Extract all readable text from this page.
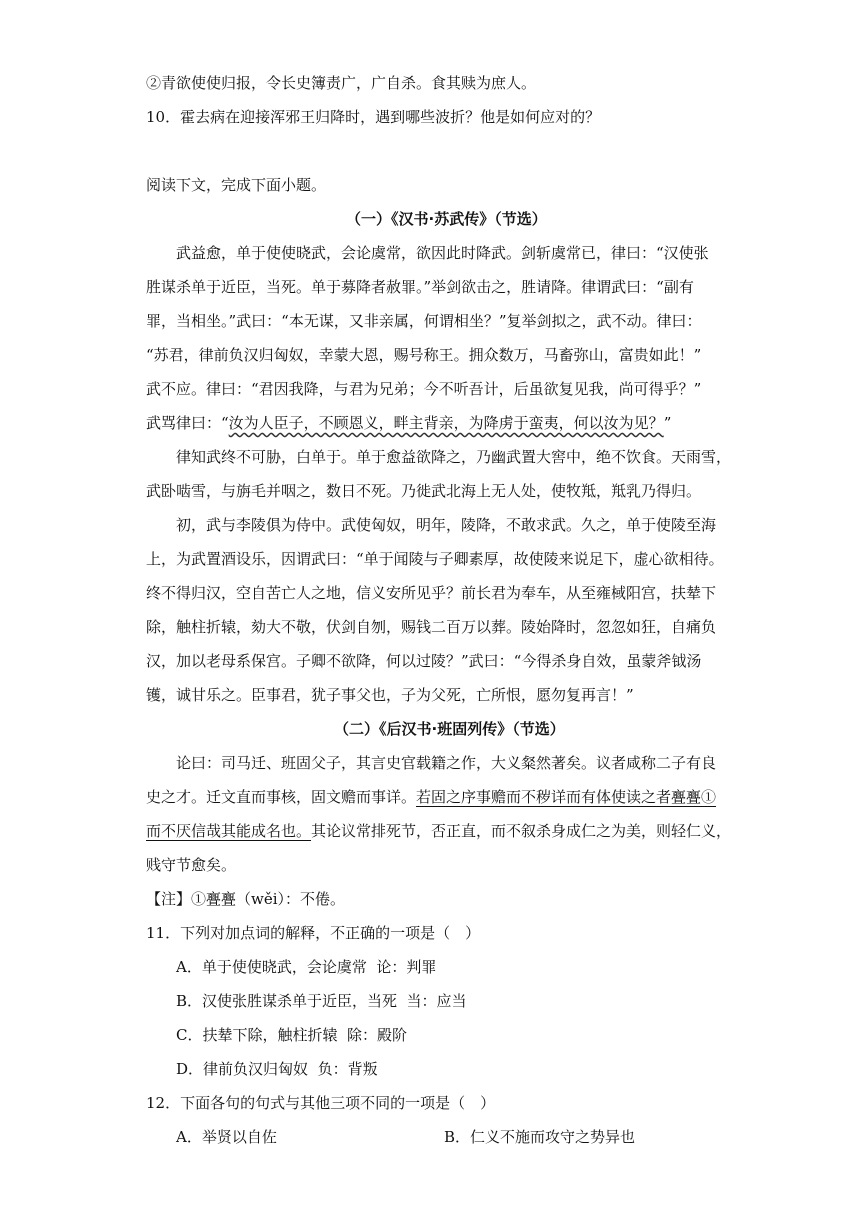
②青欲使使归报，令长史簿责广，广自杀。食其赎为庶人。
10．霍去病在迎接浑邪王归降时，遇到哪些波折？他是如何应对的？
阅读下文，完成下面小题。
（一）《汉书·苏武传》（节选）
武益愈，单于使使晓武，会论虞常，欲因此时降武。剑斩虞常已，律曰：“汉使张
胜谋杀单于近臣，当死。单于募降者赦罪。”举剑欲击之，胜请降。律谓武曰：“副有
罪，当相坐。”武曰：“本无谋，又非亲属，何谓相坐？”复举剑拟之，武不动。律曰：
“苏君，律前负汉归匈奴，幸蒙大恩，赐号称王。拥众数万，马畜弥山，富贵如此！”
武不应。律曰：“君因我降，与君为兄弟；今不听吾计，后虽欲复见我，尚可得乎？”
武骂律曰：“汝为人臣子，不顾恩义，畔主背亲，为降虏于蛮夷，何以汝为见？”
律知武终不可胁，白单于。单于愈益欲降之，乃幽武置大窖中，绝不饮食。天雨雪，
武卧啮雪，与旃毛并咽之，数日不死。乃徙武北海上无人处，使牧羝，羝乳乃得归。
初，武与李陵俱为侍中。武使匈奴，明年，陵降，不敢求武。久之，单于使陵至海
上，为武置酒设乐，因谓武曰：“单于闻陵与子卿素厚，故使陵来说足下，虚心欲相待。
终不得归汉，空自苦亡人之地，信义安所见乎？前长君为奉车，从至雍棫阳宫，扶辇下
除，触柱折辕，劾大不敬，伏剑自刎，赐钱二百万以葬。陵始降时，忽忽如狂，自痛负
汉，加以老母系保宫。子卿不欲降，何以过陵？”武曰：“今得杀身自效，虽蒙斧钺汤
镬，诚甘乐之。臣事君，犹子事父也，子为父死，亡所恨，愿勿复再言！”
（二）《后汉书·班固列传》（节选）
论曰：司马迁、班固父子，其言史官载籍之作，大义粲然著矣。议者咸称二子有良
史之才。迁文直而事核，固文赡而事详。若固之序事赡而不秽详而有体使读之者亹亹①
而不厌信哉其能成名也。其论议常排死节，否正直，而不叙杀身成仁之为美，则轻仁义，
贱守节愈矣。
【注】①亹亹（wěi）：不倦。
11．下列对加点词的解释，不正确的一项是（　）
A．单于使使晓武，会论虞常  论：判罪
B．汉使张胜谋杀单于近臣，当死  当：应当
C．扶辇下除，触柱折辕  除：殿阶
D．律前负汉归匈奴  负：背叛
12．下面各句的句式与其他三项不同的一项是（　）
A．举贤以自佐	B．仁义不施而攻守之势异也
